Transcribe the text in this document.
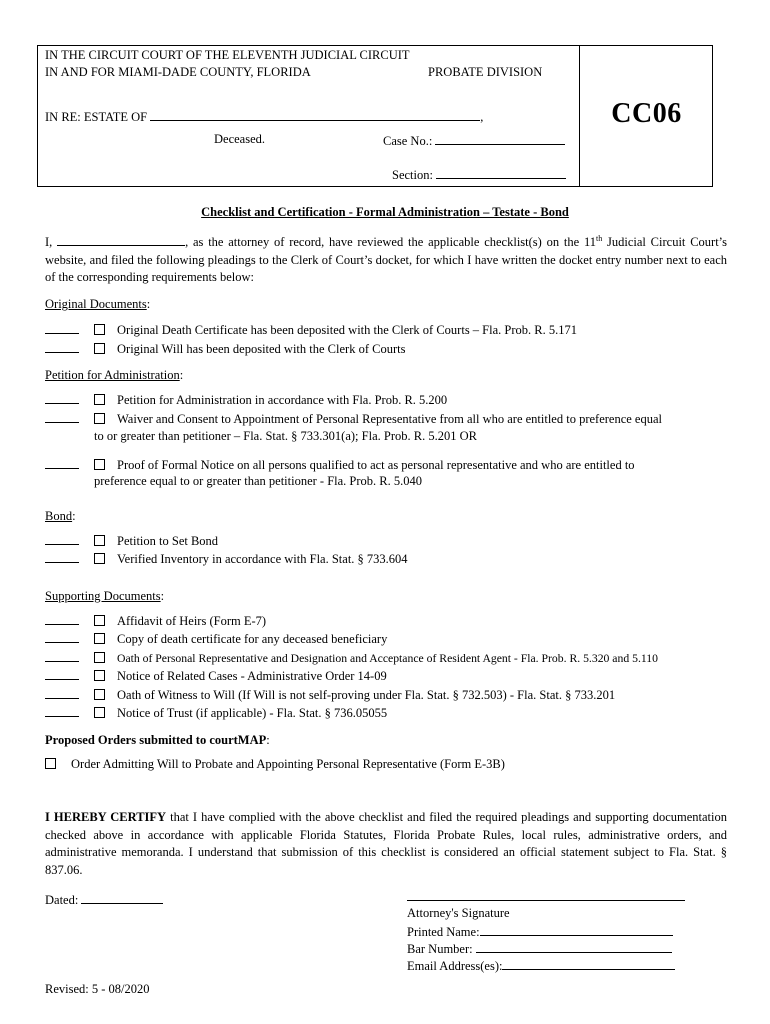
IN THE CIRCUIT COURT OF THE ELEVENTH JUDICIAL CIRCUIT
IN AND FOR MIAMI-DADE COUNTY, FLORIDA	PROBATE DIVISION
IN RE: ESTATE OF	,
Deceased.	Case No.:
Section:
CC06
Checklist and Certification - Formal Administration – Testate - Bond
I,	, as the attorney of record, have reviewed the applicable checklist(s) on the 11th Judicial Circuit Court’s website, and filed the following pleadings to the Clerk of Court’s docket, for which I have written the docket entry number next to each of the corresponding requirements below:
Original Documents:
Original Death Certificate has been deposited with the Clerk of Courts – Fla. Prob. R. 5.171
Original Will has been deposited with the Clerk of Courts
Petition for Administration:
Petition for Administration in accordance with Fla. Prob. R. 5.200
Waiver and Consent to Appointment of Personal Representative from all who are entitled to preference equal
to or greater than petitioner – Fla. Stat. § 733.301(a); Fla. Prob. R. 5.201 OR
Proof of Formal Notice on all persons qualified to act as personal representative and who are entitled to
preference equal to or greater than petitioner - Fla. Prob. R. 5.040
Bond:
Petition to Set Bond
Verified Inventory in accordance with Fla. Stat. § 733.604
Supporting Documents:
Affidavit of Heirs (Form E-7)
Copy of death certificate for any deceased beneficiary
Oath of Personal Representative and Designation and Acceptance of Resident Agent - Fla. Prob. R. 5.320 and 5.110
Notice of Related Cases - Administrative Order 14-09
Oath of Witness to Will (If Will is not self-proving under Fla. Stat. § 732.503) - Fla. Stat. § 733.201
Notice of Trust (if applicable) - Fla. Stat. § 736.05055
Proposed Orders submitted to courtMAP:
Order Admitting Will to Probate and Appointing Personal Representative (Form E-3B)
I HEREBY CERTIFY that I have complied with the above checklist and filed the required pleadings and supporting documentation checked above in accordance with applicable Florida Statutes, Florida Probate Rules, local rules, administrative orders, and administrative memoranda. I understand that submission of this checklist is considered an official statement subject to Fla. Stat. § 837.06.
Dated:
Attorney's Signature
Printed Name:
Bar Number:
Email Address(es):
Revised: 5 - 08/2020
